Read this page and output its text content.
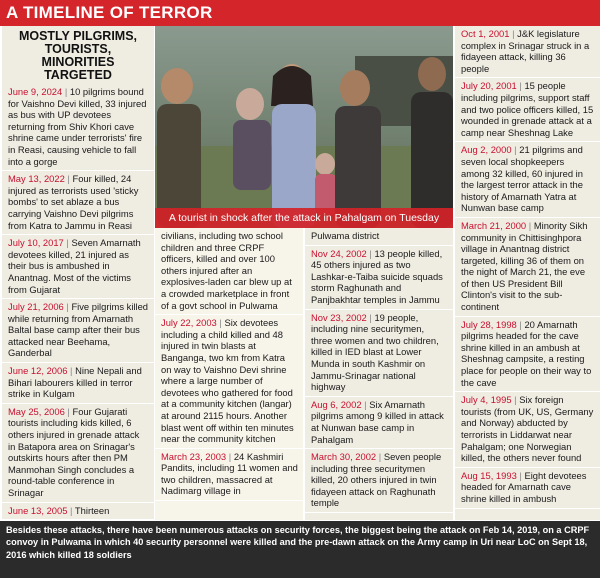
A TIMELINE OF TERROR
MOSTLY PILGRIMS, TOURISTS, MINORITIES TARGETED
June 9, 2024 | 10 pilgrims bound for Vaishno Devi killed, 33 injured as bus with UP devotees returning from Shiv Khori cave shrine came under terrorists' fire in Reasi, causing vehicle to fall into a gorge
May 13, 2022 | Four killed, 24 injured as terrorists used 'sticky bombs' to set ablaze a bus carrying Vaishno Devi pilgrims from Katra to Jammu in Reasi
July 10, 2017 | Seven Amarnath devotees killed, 21 injured as their bus is ambushed in Anantnag. Most of the victims from Gujarat
July 21, 2006 | Five pilgrims killed while returning from Amarnath Baltal base camp after their bus attacked near Beehama, Ganderbal
June 12, 2006 | Nine Nepali and Bihari labourers killed in terror strike in Kulgam
May 25, 2006 | Four Gujarati tourists including kids killed, 6 others injured in grenade attack in Batapora area on Srinagar's outskirts hours after then PM Manmohan Singh concludes a round-table conference in Srinagar
June 13, 2005 | Thirteen
A tourist in shock after the attack in Pahalgam on Tuesday
civilians, including two school children and three CRPF officers, killed and over 100 others injured after an explosives-laden car blew up at a crowded marketplace in front of a govt school in Pulwama
July 22, 2003 | Six devotees including a child killed and 48 injured in twin blasts at Banganga, two km from Katra on way to Vaishno Devi shrine where a large number of devotees who gathered for food at a community kitchen (langar) at around 2115 hours. Another blast went off within ten minutes near the community kitchen
March 23, 2003 | 24 Kashmiri Pandits, including 11 women and two children, massacred at Nadimarg village in
Pulwama district
Nov 24, 2002 | 13 people killed, 45 others injured as two Lashkar-e-Taiba suicide squads storm Raghunath and Panjbakhtar temples in Jammu
Nov 23, 2002 | 19 people, including nine securitymen, three women and two children, killed in IED blast at Lower Munda in south Kashmir on Jammu-Srinagar national highway
Aug 6, 2002 | Six Amarnath pilgrims among 9 killed in attack at Nunwan base camp in Pahalgam
March 30, 2002 | Seven people including three securitymen killed, 20 others injured in twin fidayeen attack on Raghunath temple
Oct 1, 2001 | J&K legislature complex in Srinagar struck in a fidayeen attack, killing 36 people
July 20, 2001 | 15 people including pilgrims, support staff and two police officers killed, 15 wounded in grenade attack at a camp near Sheshnag Lake
Aug 2, 2000 | 21 pilgrims and seven local shopkeepers among 32 killed, 60 injured in the largest terror attack in the history of Amarnath Yatra at Nunwan base camp
March 21, 2000 | Minority Sikh community in Chittisinghpora village in Anantnag district targeted, killing 36 of them on the night of March 21, the eve of then US President Bill Clinton's visit to the sub-continent
July 28, 1998 | 20 Amarnath pilgrims headed for the cave shrine killed in an ambush at Sheshnag campsite, a resting place for people on their way to the cave
July 4, 1995 | Six foreign tourists (from UK, US, Germany and Norway) abducted by terrorists in Liddarwat near Pahalgam; one Norwegian killed, the others never found
Aug 15, 1993 | Eight devotees headed for Amarnath cave shrine killed in ambush
Besides these attacks, there have been numerous attacks on security forces, the biggest being the attack on Feb 14, 2019, on a CRPF convoy in Pulwama in which 40 security personnel were killed and the pre-dawn attack on the Army camp in Uri near LoC on Sept 18, 2016 which killed 18 soldiers
